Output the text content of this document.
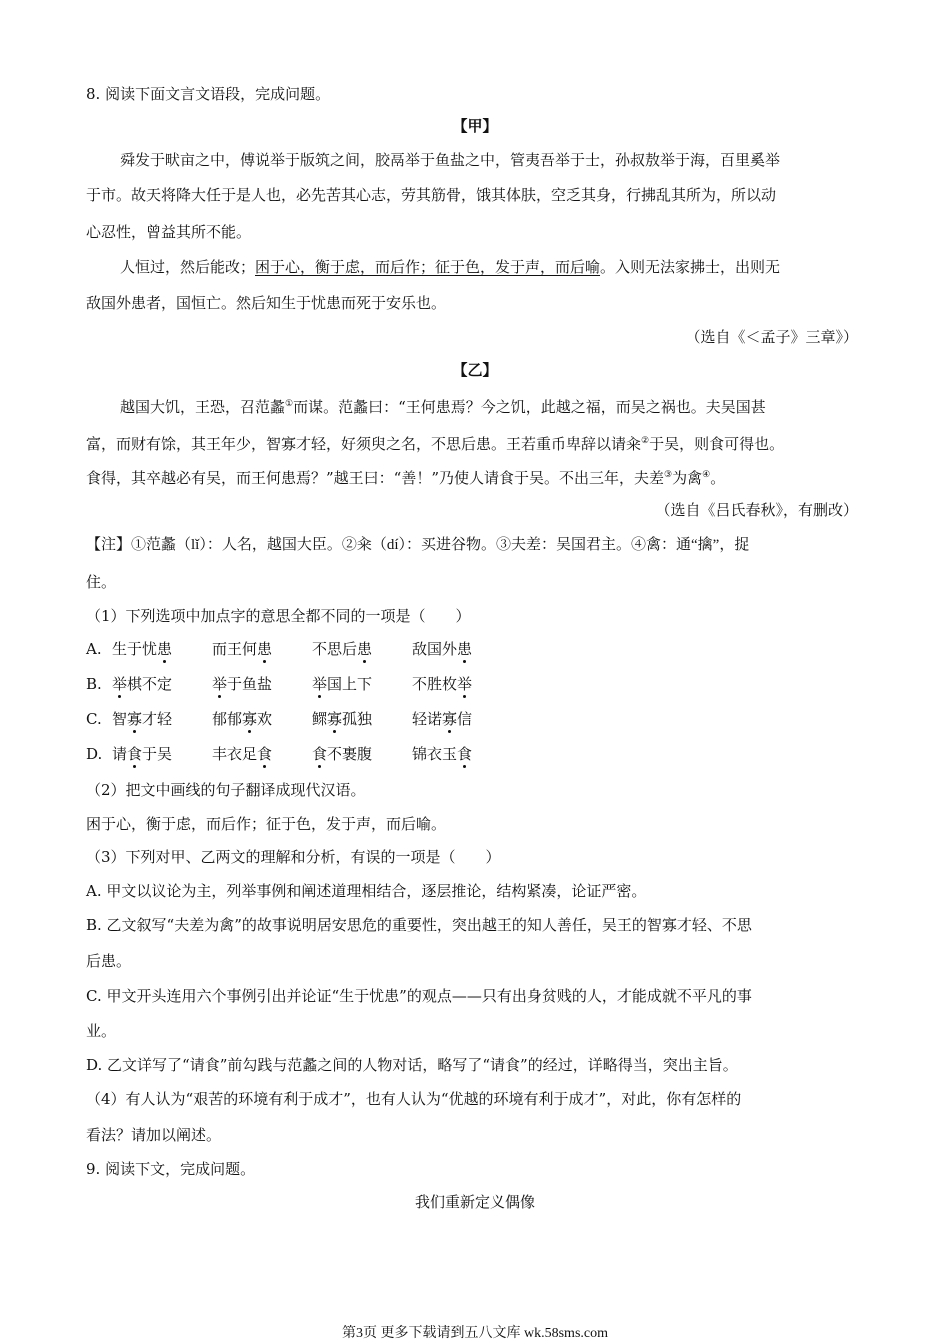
8. 阅读下面文言文语段，完成问题。
【甲】
舜发于畎亩之中，傅说举于版筑之间，胶鬲举于鱼盐之中，管夷吾举于士，孙叔敖举于海，百里奚举
于市。故天将降大任于是人也，必先苦其心志，劳其筋骨，饿其体肤，空乏其身，行拂乱其所为，所以动
心忍性，曾益其所不能。
人恒过，然后能改；困于心，衡于虑，而后作；征于色，发于声，而后喻。入则无法家拂士，出则无
敌国外患者，国恒亡。然后知生于忧患而死于安乐也。
（选自《＜孟子》三章》）
【乙】
越国大饥，王恐，召范蠡①而谋。范蠡曰：“王何患焉？今之饥，此越之福，而吴之祸也。夫吴国甚
富，而财有馀，其王年少，智寡才轻，好须臾之名，不思后患。王若重币卑辞以请籴②于吴，则食可得也。
食得，其卒越必有吴，而王何患焉？”越王曰：“善！”乃使人请食于吴。不出三年，夫差③为禽④。
（选自《吕氏春秋》，有删改）
【注】①范蠡（lǐ）：人名，越国大臣。②籴（dí）：买进谷物。③夫差：吴国君主。④禽：通“擒”，捉
住。
（1）下列选项中加点字的意思全都不同的一项是（　　）
A. 生于忧患	而王何患	不思后患	敌国外患
B. 举棋不定	举于鱼盐	举国上下	不胜枚举
C. 智寡才轻	郁郁寡欢	鳏寡孤独	轻诺寡信
D. 请食于吴	丰衣足食	食不裹腹	锦衣玉食
（2）把文中画线的句子翻译成现代汉语。
困于心，衡于虑，而后作；征于色，发于声，而后喻。
（3）下列对甲、乙两文的理解和分析，有误的一项是（　　）
A. 甲文以议论为主，列举事例和阐述道理相结合，逐层推论，结构紧凑，论证严密。
B. 乙文叙写“夫差为禽”的故事说明居安思危的重要性，突出越王的知人善任，吴王的智寡才轻、不思
后患。
C. 甲文开头连用六个事例引出并论证“生于忧患”的观点——只有出身贫贱的人，才能成就不平凡的事
业。
D. 乙文详写了“请食”前勾践与范蠡之间的人物对话，略写了“请食”的经过，详略得当，突出主旨。
（4）有人认为“艰苦的环境有利于成才”，也有人认为“优越的环境有利于成才”，对此，你有怎样的
看法？请加以阐述。
9. 阅读下文，完成问题。
我们重新定义偶像
第3页 更多下载请到五八文库 wk.58sms.com
